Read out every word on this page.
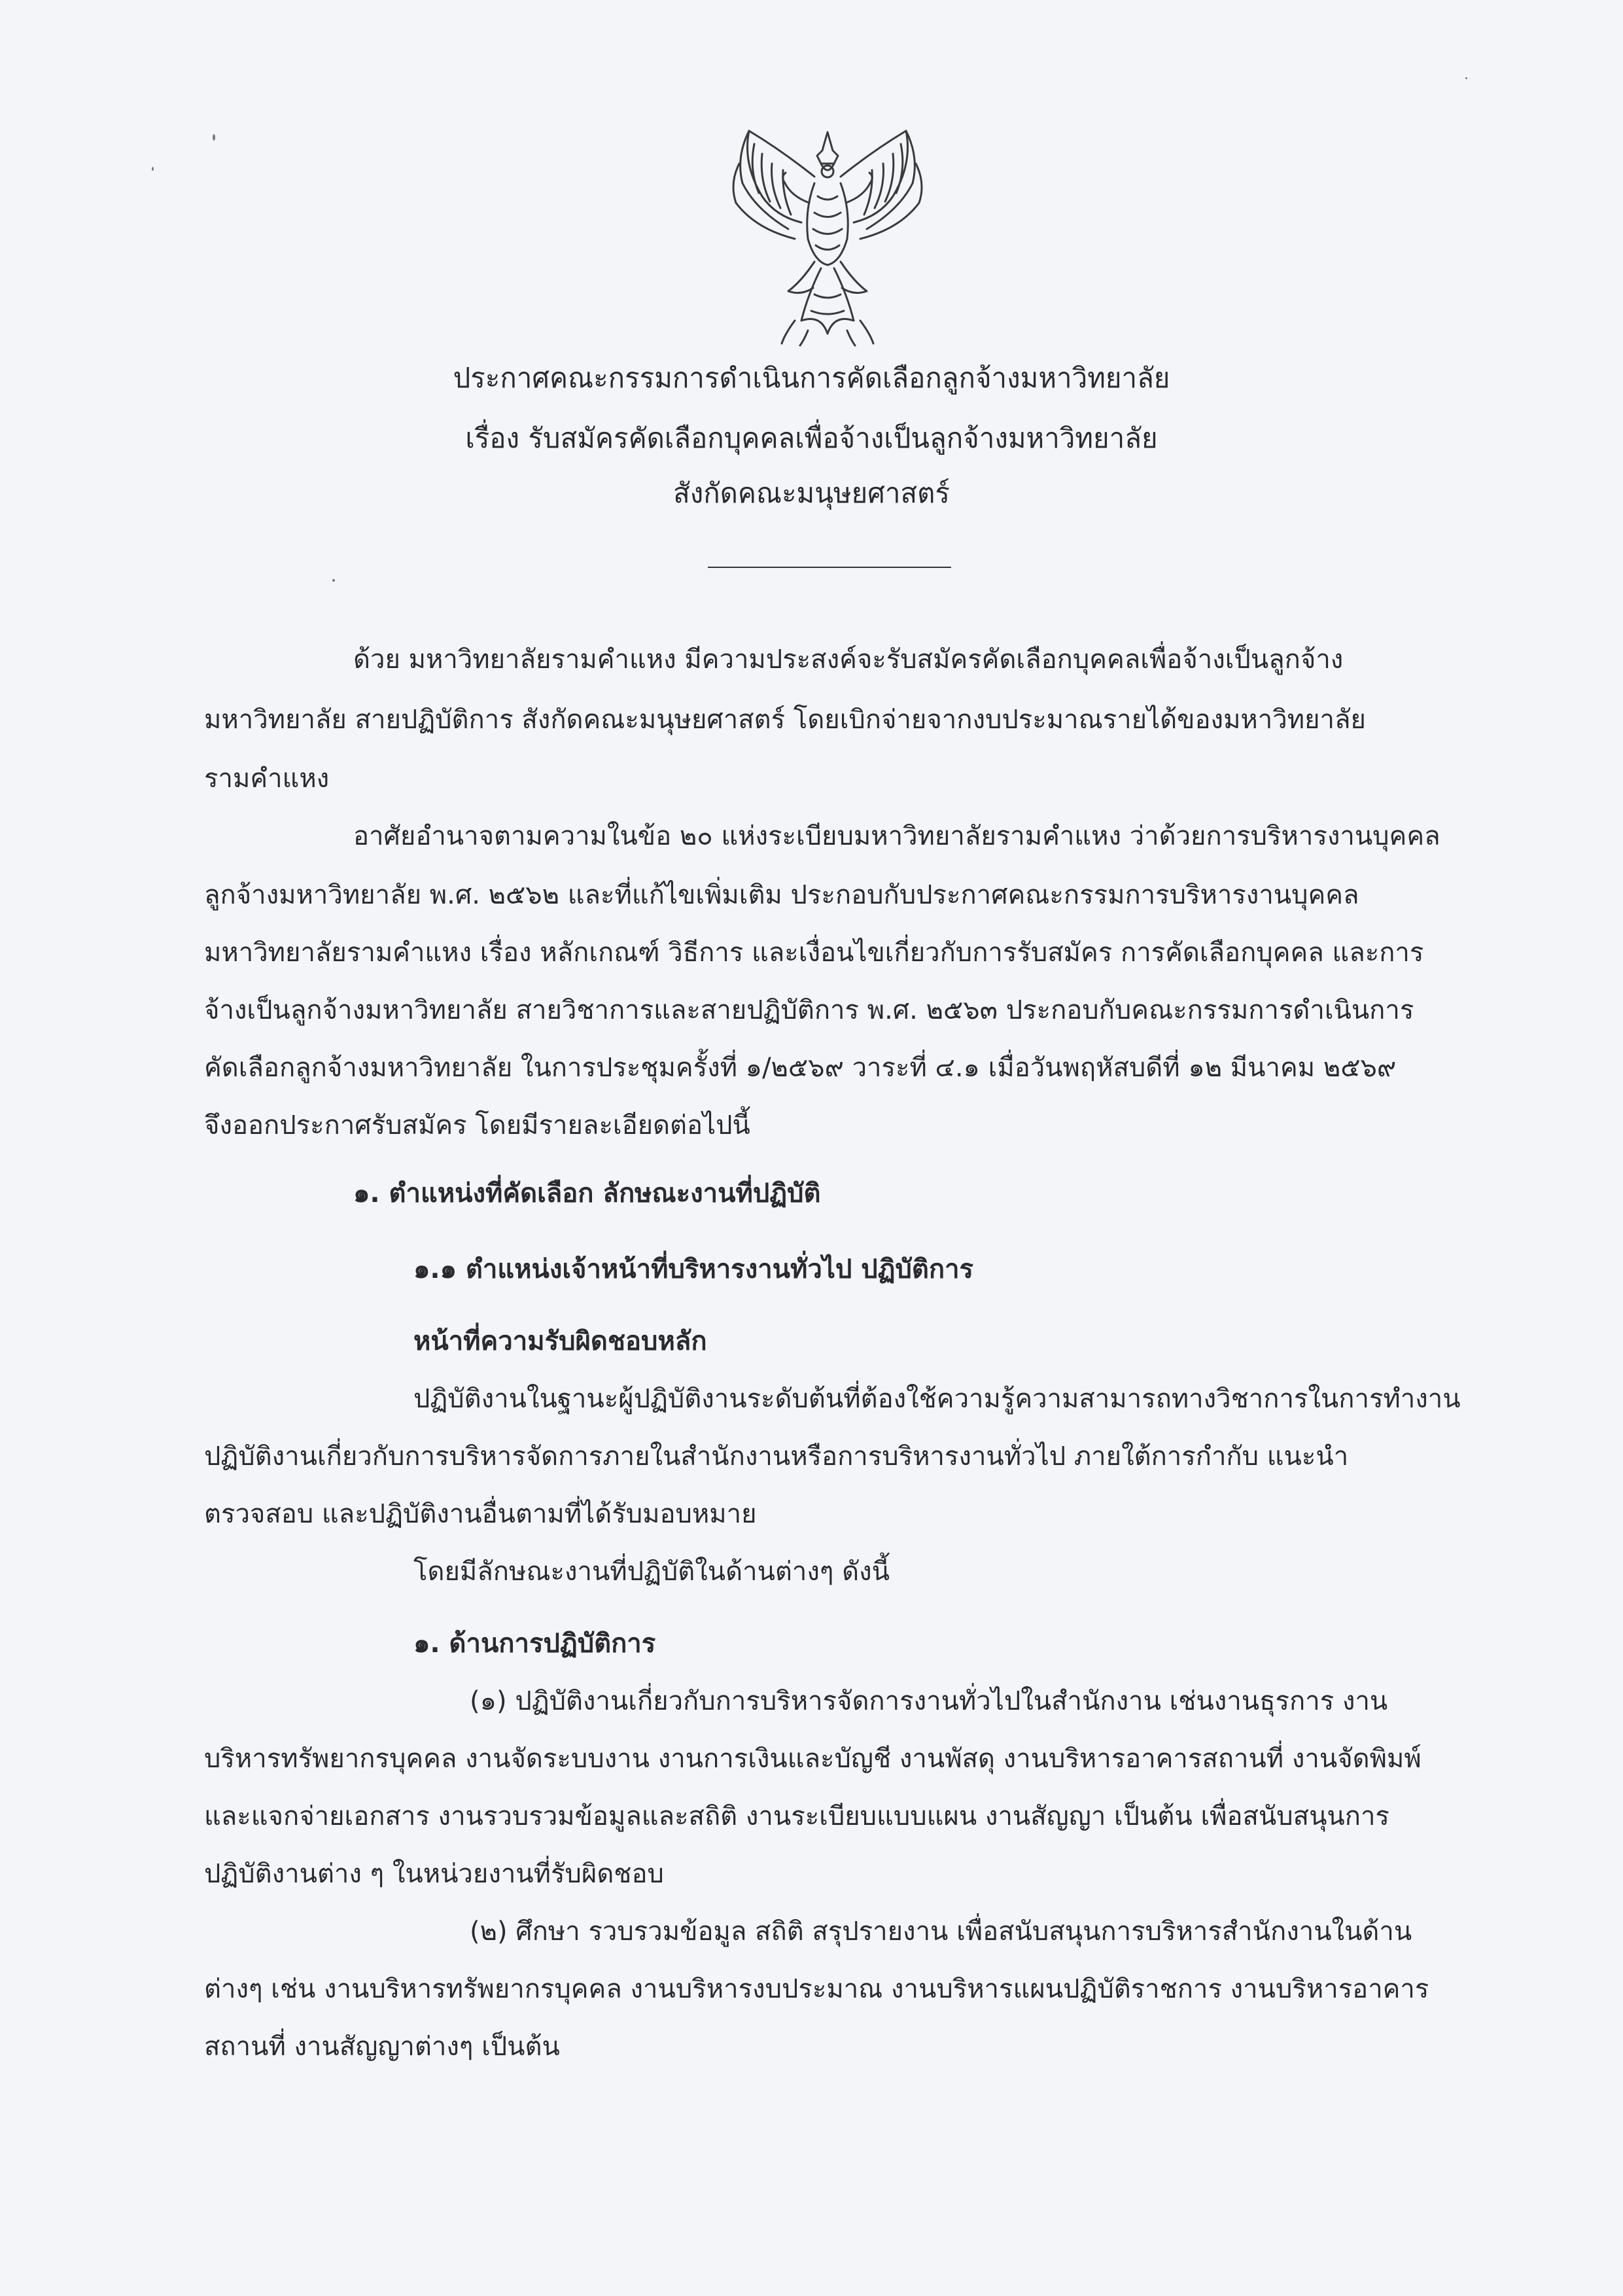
ประกาศคณะกรรมการดำเนินการคัดเลือกลูกจ้างมหาวิทยาลัย
เรื่อง รับสมัครคัดเลือกบุคคลเพื่อจ้างเป็นลูกจ้างมหาวิทยาลัย
สังกัดคณะมนุษยศาสตร์
ด้วย มหาวิทยาลัยรามคำแหง มีความประสงค์จะรับสมัครคัดเลือกบุคคลเพื่อจ้างเป็นลูกจ้าง
มหาวิทยาลัย สายปฏิบัติการ สังกัดคณะมนุษยศาสตร์ โดยเบิกจ่ายจากงบประมาณรายได้ของมหาวิทยาลัย
รามคำแหง
อาศัยอำนาจตามความในข้อ ๒๐ แห่งระเบียบมหาวิทยาลัยรามคำแหง ว่าด้วยการบริหารงานบุคคล
ลูกจ้างมหาวิทยาลัย พ.ศ. ๒๕๖๒ และที่แก้ไขเพิ่มเติม ประกอบกับประกาศคณะกรรมการบริหารงานบุคคล
มหาวิทยาลัยรามคำแหง เรื่อง หลักเกณฑ์ วิธีการ และเงื่อนไขเกี่ยวกับการรับสมัคร การคัดเลือกบุคคล และการ
จ้างเป็นลูกจ้างมหาวิทยาลัย สายวิชาการและสายปฏิบัติการ พ.ศ. ๒๕๖๓ ประกอบกับคณะกรรมการดำเนินการ
คัดเลือกลูกจ้างมหาวิทยาลัย ในการประชุมครั้งที่ ๑/๒๕๖๙ วาระที่ ๔.๑ เมื่อวันพฤหัสบดีที่ ๑๒ มีนาคม ๒๕๖๙
จึงออกประกาศรับสมัคร โดยมีรายละเอียดต่อไปนี้
๑. ตำแหน่งที่คัดเลือก ลักษณะงานที่ปฏิบัติ
๑.๑ ตำแหน่งเจ้าหน้าที่บริหารงานทั่วไป ปฏิบัติการ
หน้าที่ความรับผิดชอบหลัก
ปฏิบัติงานในฐานะผู้ปฏิบัติงานระดับต้นที่ต้องใช้ความรู้ความสามารถทางวิชาการในการทำงาน
ปฏิบัติงานเกี่ยวกับการบริหารจัดการภายในสำนักงานหรือการบริหารงานทั่วไป ภายใต้การกำกับ แนะนำ
ตรวจสอบ และปฏิบัติงานอื่นตามที่ได้รับมอบหมาย
โดยมีลักษณะงานที่ปฏิบัติในด้านต่างๆ ดังนี้
๑. ด้านการปฏิบัติการ
(๑) ปฏิบัติงานเกี่ยวกับการบริหารจัดการงานทั่วไปในสำนักงาน เช่นงานธุรการ งาน
บริหารทรัพยากรบุคคล งานจัดระบบงาน งานการเงินและบัญชี งานพัสดุ งานบริหารอาคารสถานที่ งานจัดพิมพ์
และแจกจ่ายเอกสาร งานรวบรวมข้อมูลและสถิติ งานระเบียบแบบแผน งานสัญญา เป็นต้น เพื่อสนับสนุนการ
ปฏิบัติงานต่าง ๆ ในหน่วยงานที่รับผิดชอบ
(๒) ศึกษา รวบรวมข้อมูล สถิติ สรุปรายงาน เพื่อสนับสนุนการบริหารสำนักงานในด้าน
ต่างๆ เช่น งานบริหารทรัพยากรบุคคล งานบริหารงบประมาณ งานบริหารแผนปฏิบัติราชการ งานบริหารอาคาร
สถานที่ งานสัญญาต่างๆ เป็นต้น
